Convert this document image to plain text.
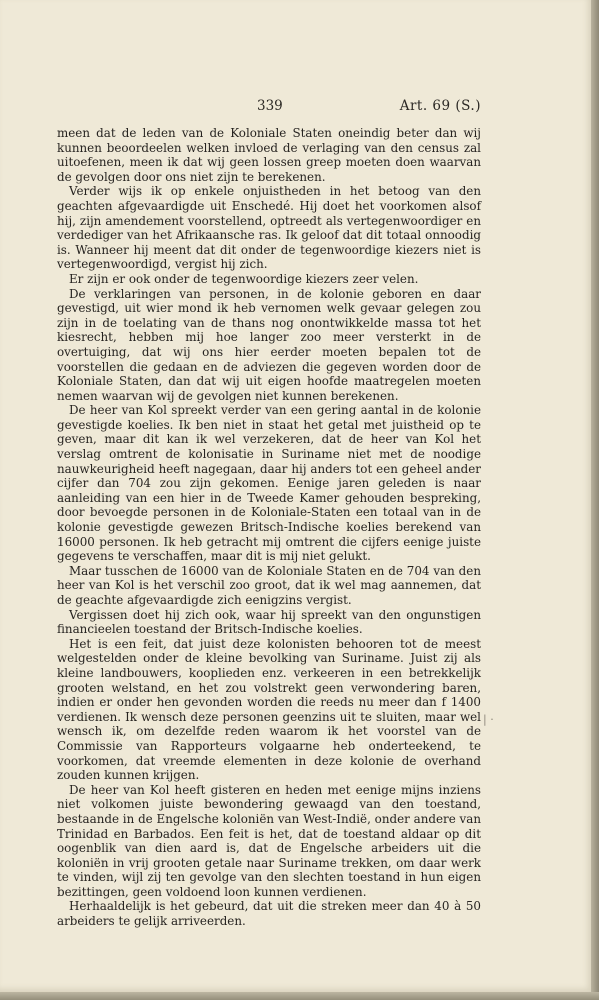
339	Art. 69 (S.)

meen dat de leden van de Koloniale Staten oneindig beter dan wij kunnen beoordeelen welken invloed de verlaging van den census zal uitoefenen, meen ik dat wij geen lossen greep moeten doen waarvan de gevolgen door ons niet zijn te berekenen.

Verder wijs ik op enkele onjuistheden in het betoog van den geachten afgevaardigde uit Enschedé. Hij doet het voorkomen alsof hij, zijn amendement voorstellend, optreedt als vertegenwoordiger en verdediger van het Afrikaansche ras. Ik geloof dat dit totaal onnoodig is. Wanneer hij meent dat dit onder de tegenwoordige kiezers niet is vertegenwoordigd, vergist hij zich.

Er zijn er ook onder de tegenwoordige kiezers zeer velen.

De verklaringen van personen, in de kolonie geboren en daar gevestigd, uit wier mond ik heb vernomen welk gevaar gelegen zou zijn in de toelating van de thans nog onontwikkelde massa tot het kiesrecht, hebben mij hoe langer zoo meer versterkt in de overtuiging, dat wij ons hier eerder moeten bepalen tot de voorstellen die gedaan en de adviezen die gegeven worden door de Koloniale Staten, dan dat wij uit eigen hoofde maatregelen moeten nemen waarvan wij de gevolgen niet kunnen berekenen.

De heer van Kol spreekt verder van een gering aantal in de kolonie gevestigde koelies. Ik ben niet in staat het getal met juistheid op te geven, maar dit kan ik wel verzekeren, dat de heer van Kol het verslag omtrent de kolonisatie in Suriname niet met de noodige nauwkeurigheid heeft nagegaan, daar hij anders tot een geheel ander cijfer dan 704 zou zijn gekomen. Eenige jaren geleden is naar aanleiding van een hier in de Tweede Kamer gehouden bespreking, door bevoegde personen in de Koloniale-Staten een totaal van in de kolonie gevestigde gewezen Britsch-Indische koelies berekend van 16000 personen. Ik heb getracht mij omtrent die cijfers eenige juiste gegevens te verschaffen, maar dit is mij niet gelukt.

Maar tusschen de 16000 van de Koloniale Staten en de 704 van den heer van Kol is het verschil zoo groot, dat ik wel mag aannemen, dat de geachte afgevaardigde zich eenigzins vergist.

Vergissen doet hij zich ook, waar hij spreekt van den ongunstigen financieelen toestand der Britsch-Indische koelies.

Het is een feit, dat juist deze kolonisten behooren tot de meest welgestelden onder de kleine bevolking van Suriname. Juist zij als kleine landbouwers, kooplieden enz. verkeeren in een betrekkelijk grooten welstand, en het zou volstrekt geen verwondering baren, indien er onder hen gevonden worden die reeds nu meer dan f 1400 verdienen. Ik wensch deze personen geenzins uit te sluiten, maar wel wensch ik, om dezelfde reden waarom ik het voorstel van de Commissie van Rapporteurs volgaarne heb onderteekend, te voorkomen, dat vreemde elementen in deze kolonie de overhand zouden kunnen krijgen.

De heer van Kol heeft gisteren en heden met eenige mijns inziens niet volkomen juiste bewondering gewaagd van den toestand, bestaande in de Engelsche koloniën van West-Indië, onder andere van Trinidad en Barbados. Een feit is het, dat de toestand aldaar op dit oogenblik van dien aard is, dat de Engelsche arbeiders uit die koloniën in vrij grooten getale naar Suriname trekken, om daar werk te vinden, wijl zij ten gevolge van den slechten toestand in hun eigen bezittingen, geen voldoend loon kunnen verdienen.

Herhaaldelijk is het gebeurd, dat uit die streken meer dan 40 à 50 arbeiders te gelijk arriveerden.

| ·
